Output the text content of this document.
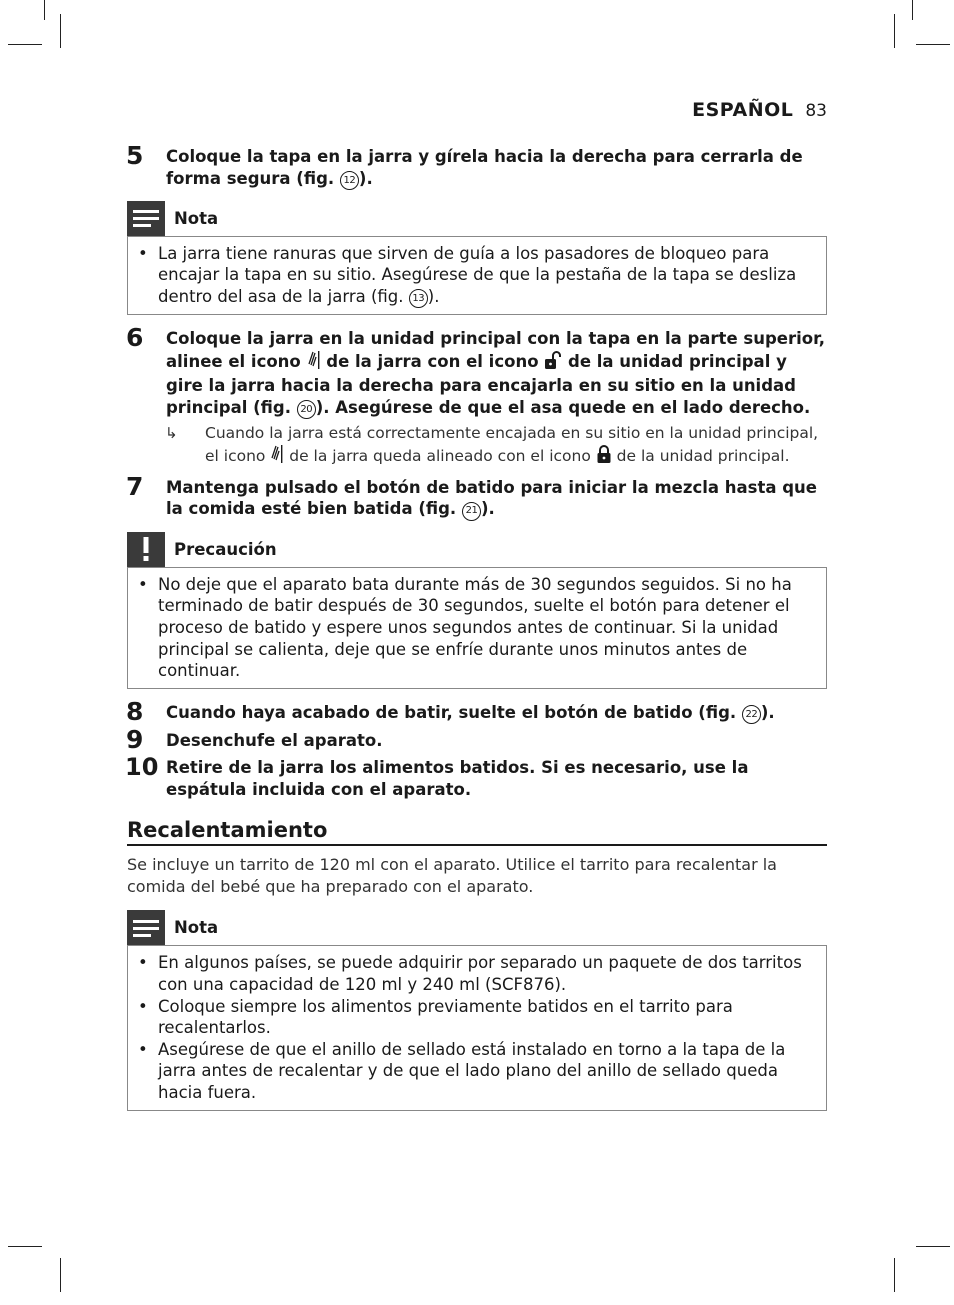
ESPAÑOL 83
5 Coloque la tapa en la jarra y gírela hacia la derecha para cerrarla de forma segura (fig. 12 ).
Nota
• La jarra tiene ranuras que sirven de guía a los pasadores de bloqueo para encajar la tapa en su sitio. Asegúrese de que la pestaña de la tapa se desliza dentro del asa de la jarra (fig. 13 ).
6 Coloque la jarra en la unidad principal con la tapa en la parte superior, alinee el icono  de la jarra con el icono  de la unidad principal y gire la jarra hacia la derecha para encajarla en su sitio en la unidad principal (fig. 20 ). Asegúrese de que el asa quede en el lado derecho.
↳ Cuando la jarra está correctamente encajada en su sitio en la unidad principal, el icono  de la jarra queda alineado con el icono  de la unidad principal.
7 Mantenga pulsado el botón de batido para iniciar la mezcla hasta que la comida esté bien batida (fig. 21 ).
Precaución
• No deje que el aparato bata durante más de 30 segundos seguidos. Si no ha terminado de batir después de 30 segundos, suelte el botón para detener el proceso de batido y espere unos segundos antes de continuar. Si la unidad principal se calienta, deje que se enfríe durante unos minutos antes de continuar.
8 Cuando haya acabado de batir, suelte el botón de batido (fig. 22 ).
9 Desenchufe el aparato.
10 Retire de la jarra los alimentos batidos. Si es necesario, use la espátula incluida con el aparato.
Recalentamiento
Se incluye un tarrito de 120 ml con el aparato. Utilice el tarrito para recalentar la comida del bebé que ha preparado con el aparato.
Nota
• En algunos países, se puede adquirir por separado un paquete de dos tarritos con una capacidad de 120 ml y 240 ml (SCF876).
• Coloque siempre los alimentos previamente batidos en el tarrito para recalentarlos.
• Asegúrese de que el anillo de sellado está instalado en torno a la tapa de la jarra antes de recalentar y de que el lado plano del anillo de sellado queda hacia fuera.
